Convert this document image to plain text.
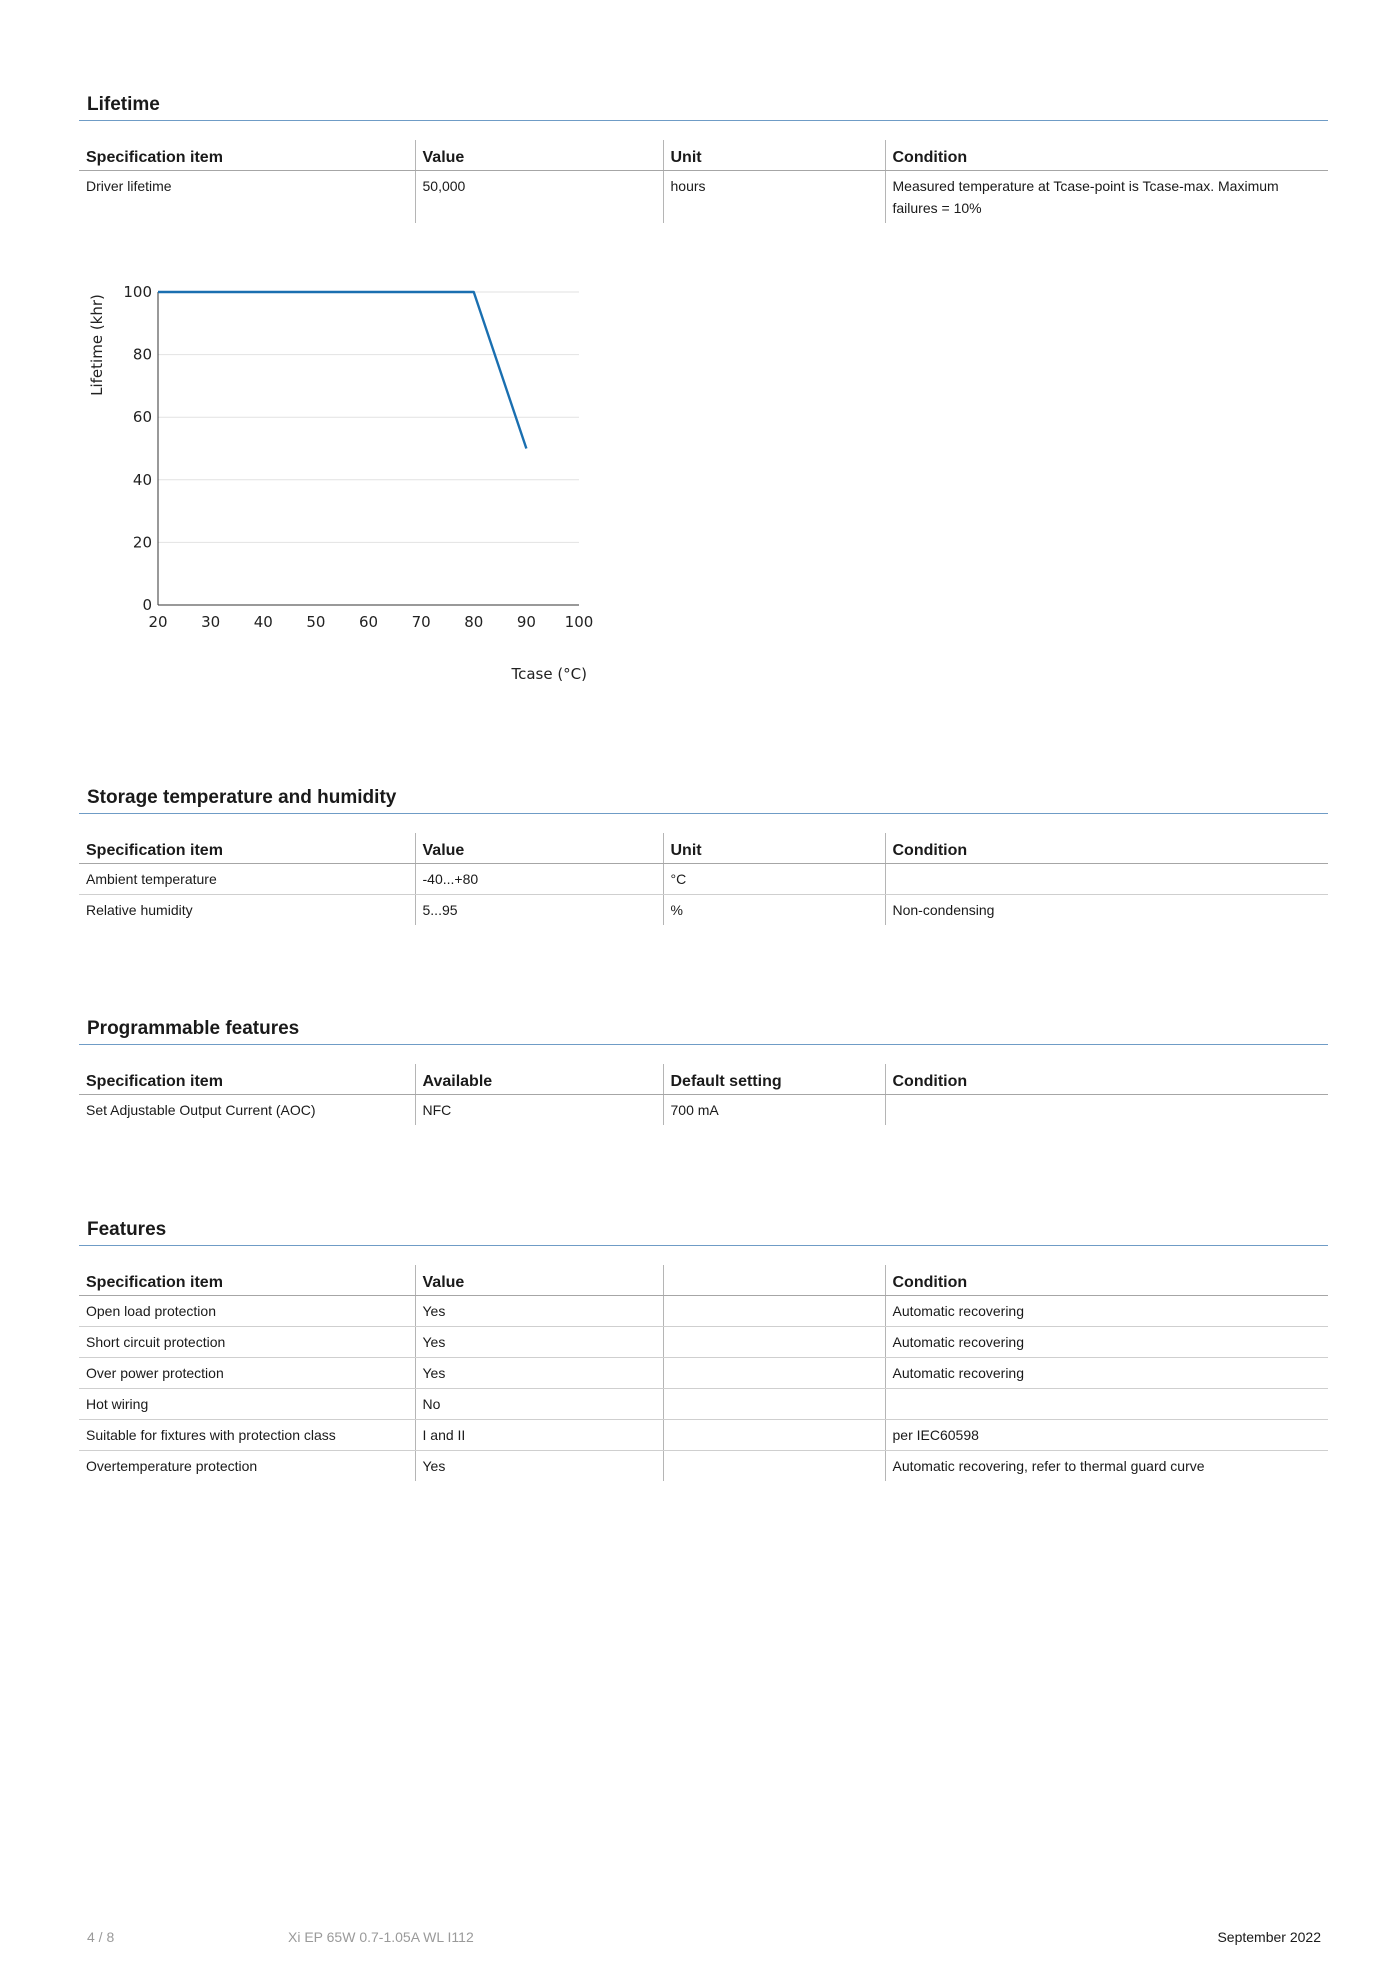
Lifetime
Specification item	Value	Unit	Condition
Driver lifetime	50,000	hours	Measured temperature at Tcase-point is Tcase-max. Maximum failures = 10%
0
20
40
60
80
100
20 30 40 50 60 70 80 90 100
Lifetime (khr)
Tcase (°C)
Storage temperature and humidity
Specification item	Value	Unit	Condition
Ambient temperature	-40...+80	°C	
Relative humidity	5...95	%	Non-condensing
Programmable features
Specification item	Available	Default setting	Condition
Set Adjustable Output Current (AOC)	NFC	700 mA	
Features
Specification item	Value		Condition
Open load protection	Yes		Automatic recovering
Short circuit protection	Yes		Automatic recovering
Over power protection	Yes		Automatic recovering
Hot wiring	No		
Suitable for fixtures with protection class	I and II		per IEC60598
Overtemperature protection	Yes		Automatic recovering, refer to thermal guard curve
4 / 8	Xi EP 65W 0.7-1.05A WL I112	September 2022
